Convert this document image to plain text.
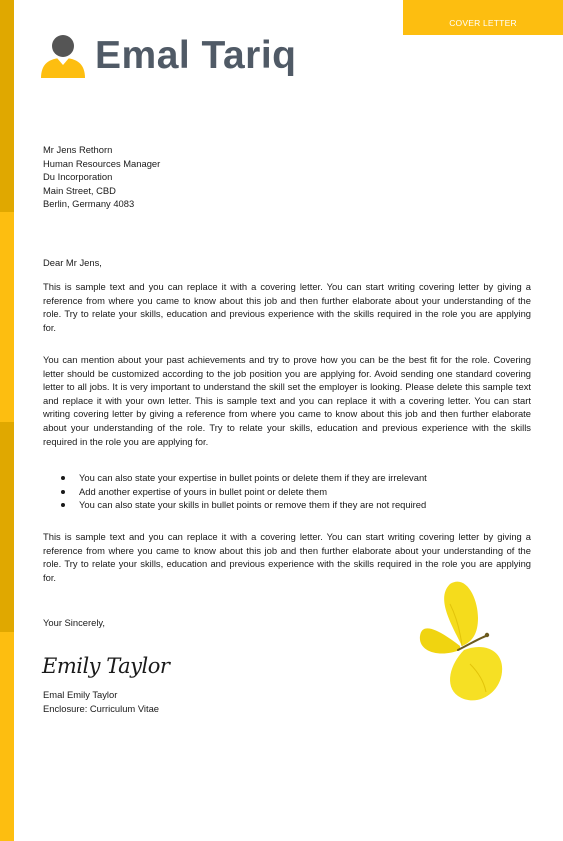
COVER LETTER
Emal Tariq
Mr Jens Rethorn
Human Resources Manager
Du Incorporation
Main Street, CBD
Berlin, Germany 4083
Dear Mr Jens,

This is sample text and you can replace it with a covering letter. You can start writing covering letter by giving a reference from where you came to know about this job and then further elaborate about your understanding of the role. Try to relate your skills, education and previous experience with the skills required in the role you are applying for.

You can mention about your past achievements and try to prove how you can be the best fit for the role. Covering letter should be customized according to the job position you are applying for. Avoid sending one standard covering letter to all jobs. It is very important to understand the skill set the employer is looking. Please delete this sample text and replace it with your own letter. This is sample text and you can replace it with a covering letter. You can start writing covering letter by giving a reference from where you came to know about this job and then further elaborate about your understanding of the role. Try to relate your skills, education and previous experience with the skills required in the role you are applying for.

You can also state your expertise in bullet points or delete them if they are irrelevant
Add another expertise of yours in bullet point or delete them
You can also state your skills in bullet points or remove them if they are not required

This is sample text and you can replace it with a covering letter. You can start writing covering letter by giving a reference from where you came to know about this job and then further elaborate about your understanding of the role. Try to relate your skills, education and previous experience with the skills required in the role you are applying for.

Your Sincerely,
Emily Taylor
Emal Emily Taylor
Enclosure: Curriculum Vitae
